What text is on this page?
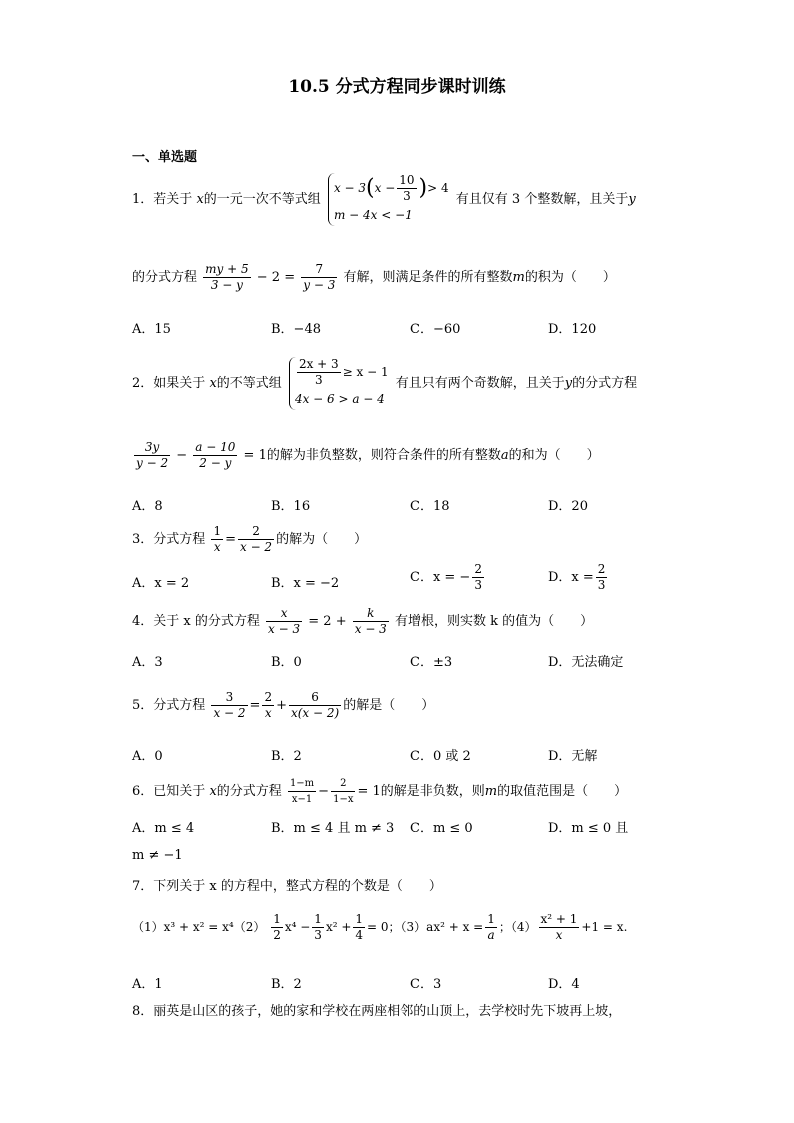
10.5 分式方程同步课时训练
一、单选题
1．若关于 x的一元一次不等式组
$x - 3(x - \frac{10}{3}$ )> 4
m − 4x < −1
有且仅有 3 个整数解，且关于y
的分式方程 $\frac{my + 5}{3 - y} - 2 = \frac{7}{y - 3}$ 有解，则满足条件的所有整数m的积为（　　）
A．15	B．−48	C．−60	D．120
2．如果关于 x的不等式组 $\frac{2x + 3}{3} \ge x - 1$
4x − 6 > a − 4
有且只有两个奇数解，且关于y的分式方程
$\frac{3y}{y - 2} - \frac{a - 10}{2 - y} = 1$的解为非负整数，则符合条件的所有整数a的和为（　　）
A．8	B．16	C．18	D．20
3．分式方程 $\frac{1}{x} = \frac{2}{x - 2}$ 的解为（　　）
A．x = 2	B．x = −2	C．x = − $\frac{2}{3}$	D．$x = \frac{2}{3}$
4．关于 x 的分式方程 $\frac{x}{x - 3} = 2 + \frac{k}{x - 3}$ 有增根，则实数 k 的值为（　　）
A．3	B．0	C．±3	D．无法确定
5．分式方程 $\frac{3}{x - 2} = \frac{2}{x} + \frac{6}{x(x - 2)}$ 的解是（　　）
A．0	B．2	C．0 或 2	D．无解
6．已知关于 x的分式方程 $\frac{1-m}{x-1} - \frac{2}{1-x} = 1$的解是非负数，则m的取值范围是（　　）
A．m ≤ 4	B．m ≤ 4 且 m ≠ 3 C．m ≤ 0	D．m ≤ 0 且
m ≠ −1
7．下列关于 x 的方程中，整式方程的个数是（　　）
$(1)x^3 + x^2 = x^4(2) \frac{1}{2} x^4 - \frac{1}{3} x^2 + \frac{1}{4} = 0$；$(3)ax^2 + x = \frac{1}{a}$ ；$(4) \frac{\text{x² + 1}}{x} +1 = x$.
A．1	B．2	C．3	D．4
8．丽英是山区的孩子，她的家和学校在两座相邻的山顶上，去学校时先下坡再上坡，
